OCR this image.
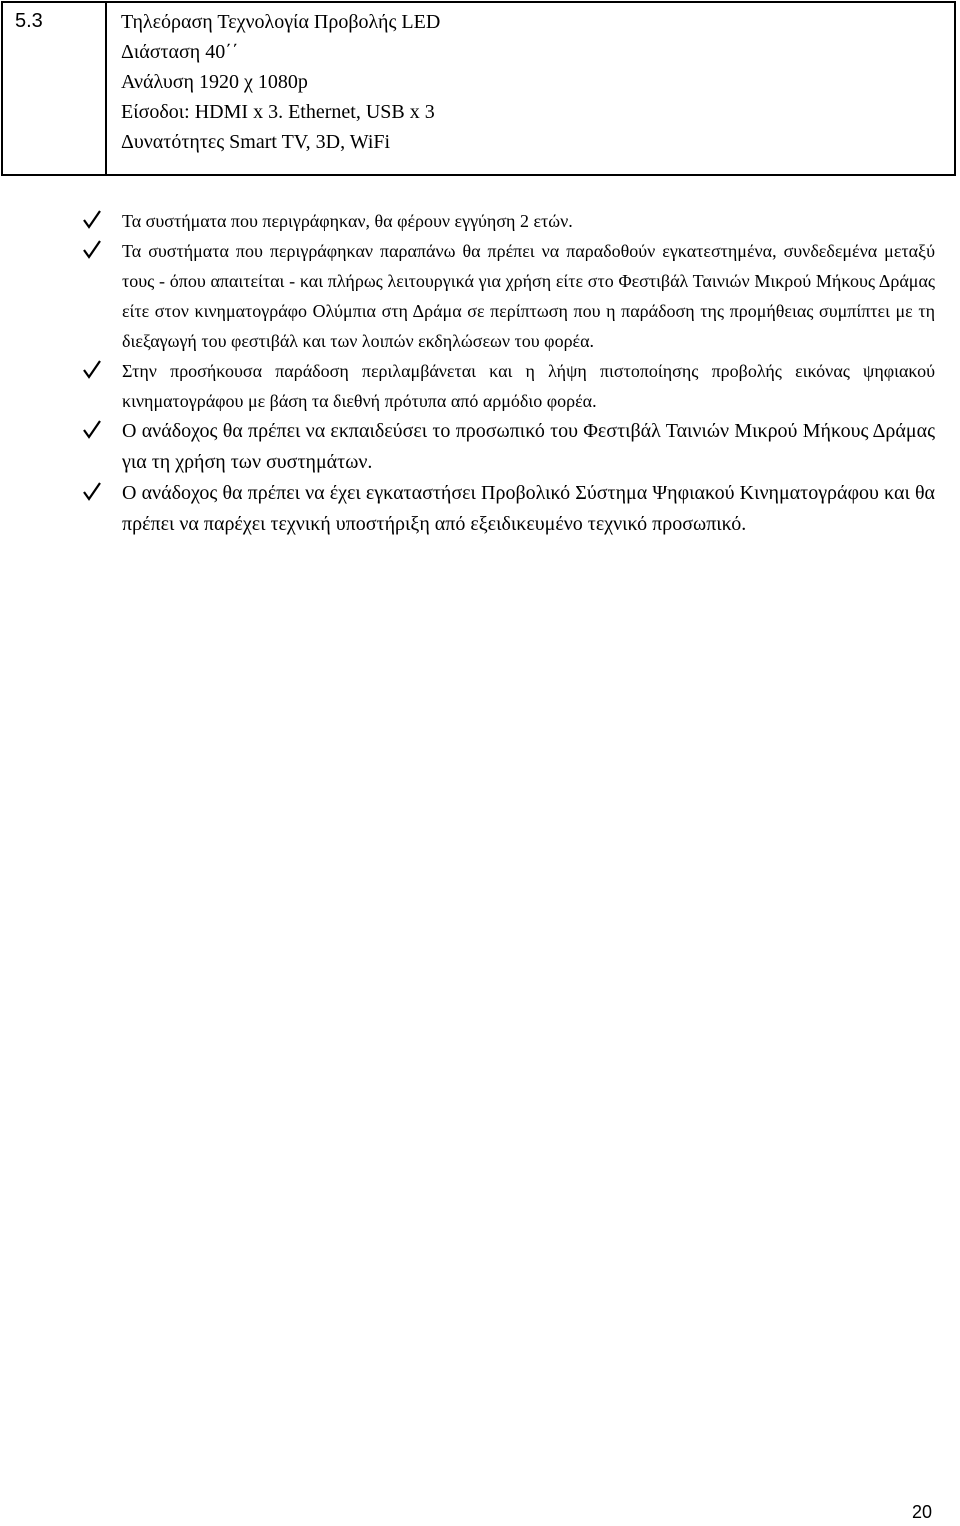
5.3	Τηλεόραση Τεχνολογία Προβολής LED
Διάσταση 40΄΄
Ανάλυση 1920 χ 1080p
Είσοδοι: HDMI x 3. Ethernet, USB x 3
Δυνατότητες Smart TV, 3D, WiFi
Τα συστήματα που περιγράφηκαν, θα φέρουν εγγύηση 2 ετών.
Τα συστήματα που περιγράφηκαν παραπάνω θα πρέπει να παραδοθούν εγκατεστημένα, συνδεδεμένα μεταξύ τους - όπου απαιτείται - και πλήρως λειτουργικά για χρήση είτε στο Φεστιβάλ Ταινιών Μικρού Μήκους Δράμας είτε στον κινηματογράφο Ολύμπια στη Δράμα σε περίπτωση που η παράδοση της προμήθειας συμπίπτει με τη διεξαγωγή του φεστιβάλ και των λοιπών εκδηλώσεων του φορέα.
Στην προσήκουσα παράδοση περιλαμβάνεται και η λήψη πιστοποίησης προβολής εικόνας ψηφιακού κινηματογράφου με βάση τα διεθνή πρότυπα από αρμόδιο φορέα.
Ο ανάδοχος θα πρέπει να εκπαιδεύσει το προσωπικό του Φεστιβάλ Ταινιών Μικρού Μήκους Δράμας για τη χρήση των συστημάτων.
Ο ανάδοχος θα πρέπει να έχει εγκαταστήσει Προβολικό Σύστημα Ψηφιακού Κινηματογράφου και θα πρέπει να παρέχει τεχνική υποστήριξη από εξειδικευμένο τεχνικό προσωπικό.
20
